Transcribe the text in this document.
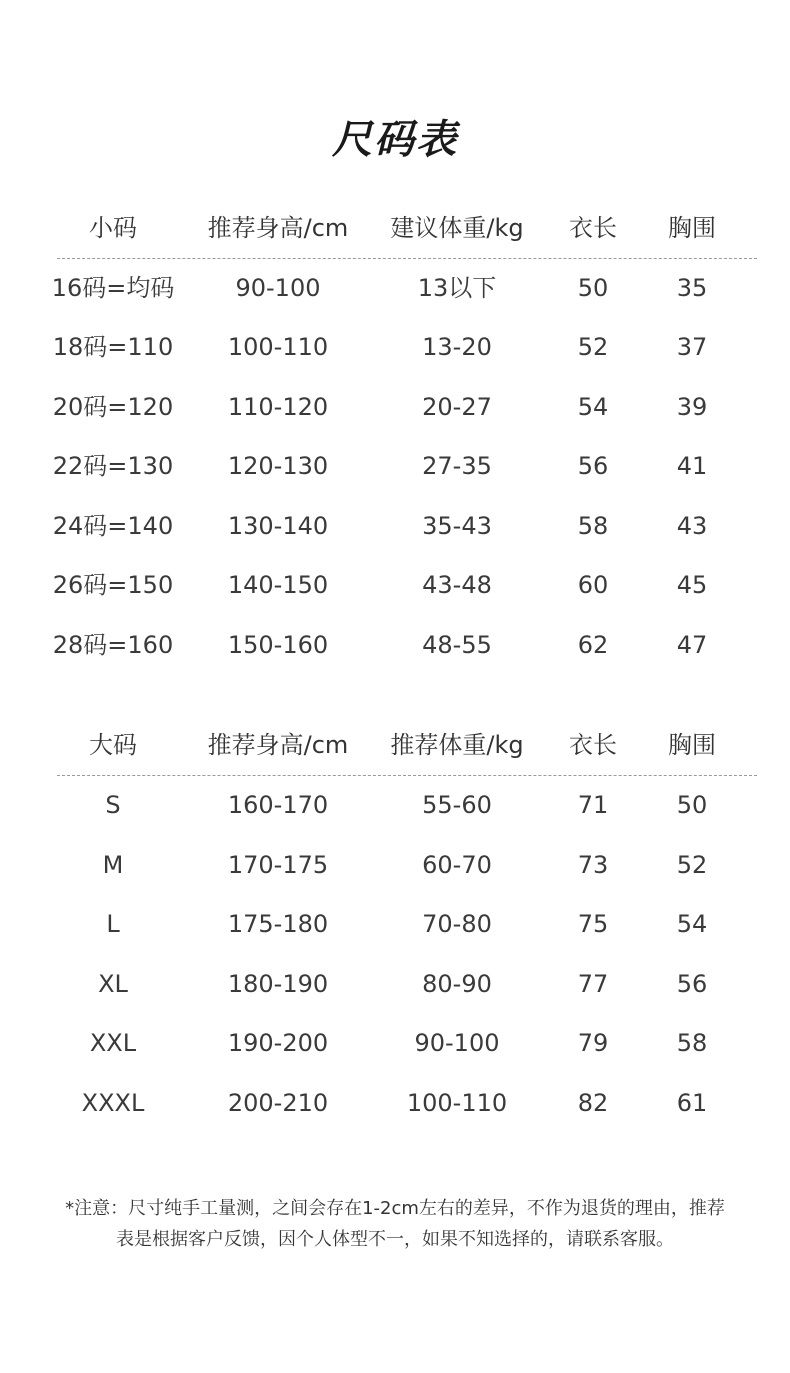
尺码表
小码	推荐身高/cm	建议体重/kg	衣长	胸围
16码=均码	90-100	13以下	50	35
18码=110	100-110	13-20	52	37
20码=120	110-120	20-27	54	39
22码=130	120-130	27-35	56	41
24码=140	130-140	35-43	58	43
26码=150	140-150	43-48	60	45
28码=160	150-160	48-55	62	47
大码	推荐身高/cm	推荐体重/kg	衣长	胸围
S	160-170	55-60	71	50
M	170-175	60-70	73	52
L	175-180	70-80	75	54
XL	180-190	80-90	77	56
XXL	190-200	90-100	79	58
XXXL	200-210	100-110	82	61
*注意：尺寸纯手工量测，之间会存在1-2cm左右的差异，不作为退货的理由，推荐表是根据客户反馈，因个人体型不一，如果不知选择的，请联系客服。
